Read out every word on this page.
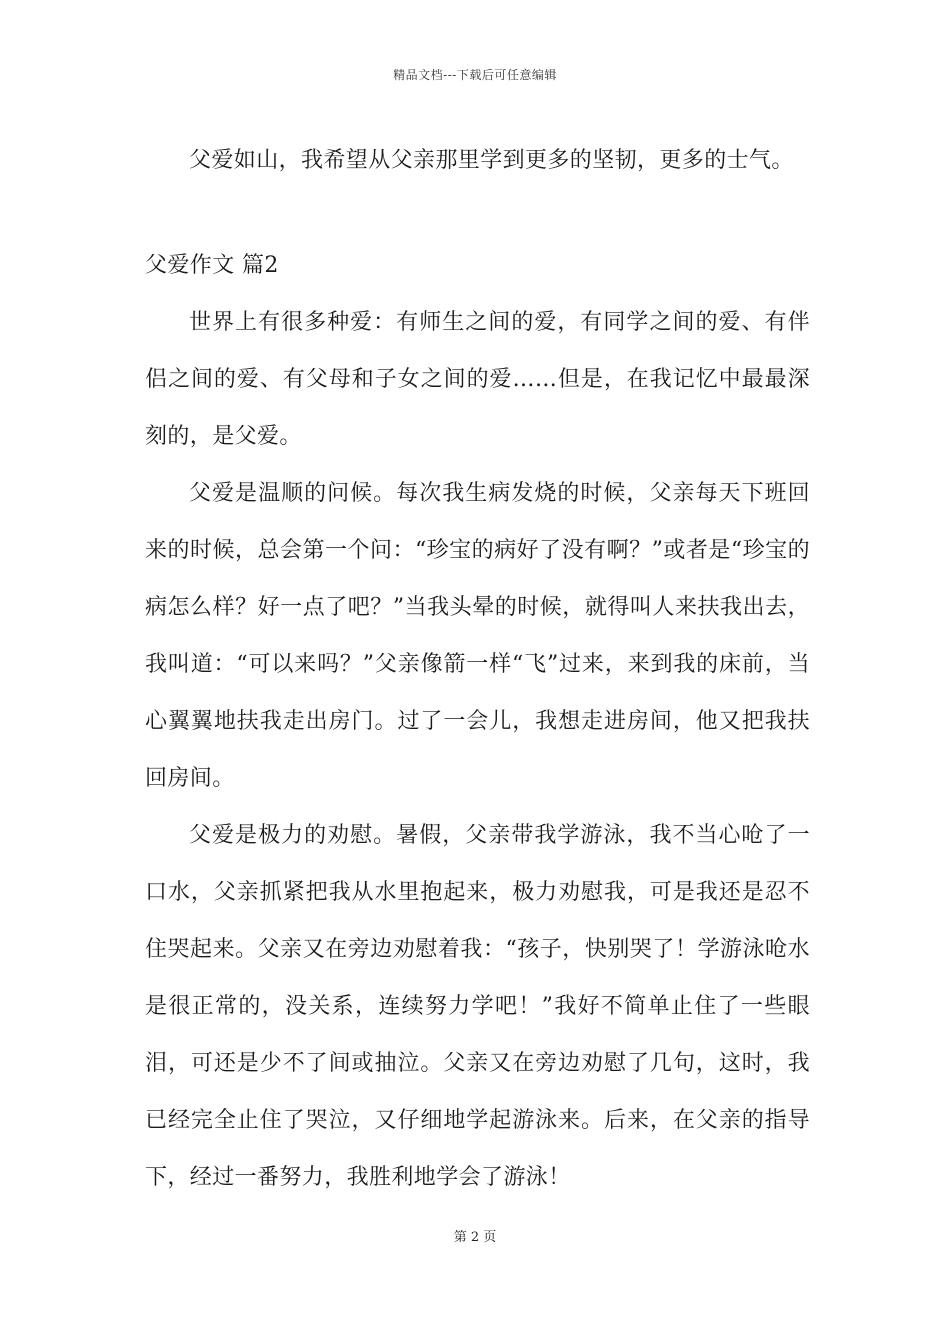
精品文档---下载后可任意编辑

父爱如山，我希望从父亲那里学到更多的坚韧，更多的士气。

父爱作文 篇2

世界上有很多种爱：有师生之间的爱，有同学之间的爱、有伴侣之间的爱、有父母和子女之间的爱……但是，在我记忆中最最深刻的，是父爱。

父爱是温顺的问候。每次我生病发烧的时候，父亲每天下班回来的时候，总会第一个问：“珍宝的病好了没有啊？”或者是“珍宝的病怎么样？好一点了吧？”当我头晕的时候，就得叫人来扶我出去，我叫道：“可以来吗？”父亲像箭一样“飞”过来，来到我的床前，当心翼翼地扶我走出房门。过了一会儿，我想走进房间，他又把我扶回房间。

父爱是极力的劝慰。暑假，父亲带我学游泳，我不当心呛了一口水，父亲抓紧把我从水里抱起来，极力劝慰我，可是我还是忍不住哭起来。父亲又在旁边劝慰着我：“孩子，快别哭了！学游泳呛水是很正常的，没关系，连续努力学吧！”我好不简单止住了一些眼泪，可还是少不了间或抽泣。父亲又在旁边劝慰了几句，这时，我已经完全止住了哭泣，又仔细地学起游泳来。后来，在父亲的指导下，经过一番努力，我胜利地学会了游泳！

第 2 页
